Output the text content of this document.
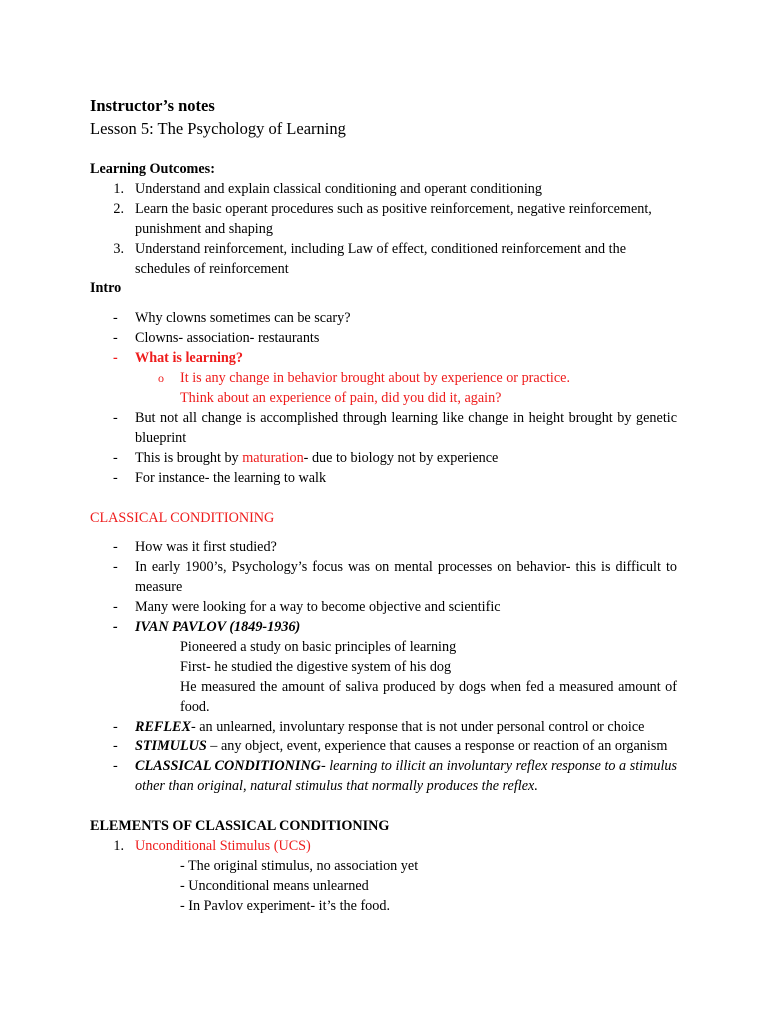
Instructor’s notes
Lesson 5: The Psychology of Learning
Learning Outcomes:
1. Understand and explain classical conditioning and operant conditioning
2. Learn the basic operant procedures such as positive reinforcement, negative reinforcement, punishment and shaping
3. Understand reinforcement, including Law of effect, conditioned reinforcement and the schedules of reinforcement
Intro
- Why clowns sometimes can be scary?
- Clowns- association- restaurants
- What is learning?
o It is any change in behavior brought about by experience or practice.
Think about an experience of pain, did you did it, again?
- But not all change is accomplished through learning like change in height brought by genetic blueprint
- This is brought by maturation- due to biology not by experience
- For instance- the learning to walk
CLASSICAL CONDITIONING
- How was it first studied?
- In early 1900’s, Psychology’s focus was on mental processes on behavior- this is difficult to measure
- Many were looking for a way to become objective and scientific
- IVAN PAVLOV (1849-1936)
Pioneered a study on basic principles of learning
First- he studied the digestive system of his dog
He measured the amount of saliva produced by dogs when fed a measured amount of food.
- REFLEX- an unlearned, involuntary response that is not under personal control or choice
- STIMULUS – any object, event, experience that causes a response or reaction of an organism
- CLASSICAL CONDITIONING- learning to illicit an involuntary reflex response to a stimulus other than original, natural stimulus that normally produces the reflex.
ELEMENTS OF CLASSICAL CONDITIONING
1. Unconditional Stimulus (UCS)
- The original stimulus, no association yet
- Unconditional means unlearned
- In Pavlov experiment- it’s the food.
